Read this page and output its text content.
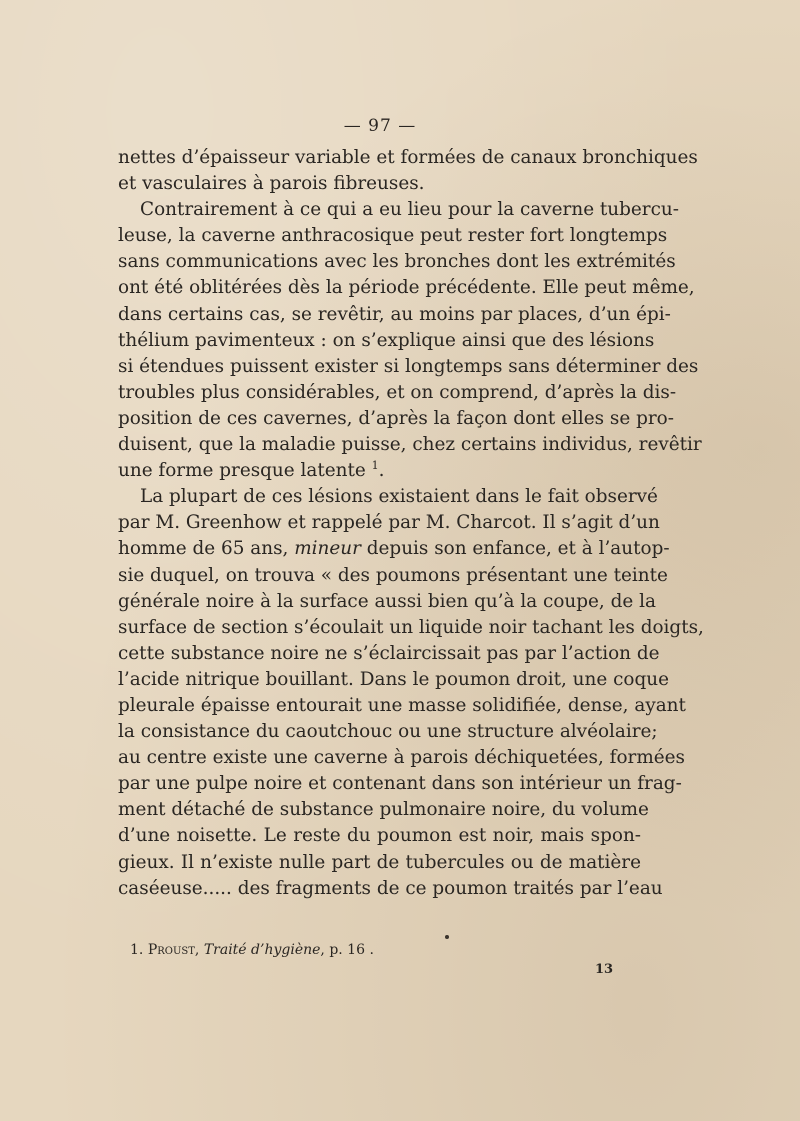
— 97 —
nettes d’épaisseur variable et formées de canaux bronchiques
et vasculaires à parois fibreuses.
Contrairement à ce qui a eu lieu pour la caverne tubercu-
leuse, la caverne anthracosique peut rester fort longtemps
sans communications avec les bronches dont les extrémités
ont été oblitérées dès la période précédente. Elle peut même,
dans certains cas, se revêtir, au moins par places, d’un épi-
thélium pavimenteux : on s’explique ainsi que des lésions
si étendues puissent exister si longtemps sans déterminer des
troubles plus considérables, et on comprend, d’après la dis-
position de ces cavernes, d’après la façon dont elles se pro-
duisent, que la maladie puisse, chez certains individus, revêtir
une forme presque latente $^1$.
La plupart de ces lésions existaient dans le fait observé
par M. Greenhow et rappelé par M. Charcot. Il s’agit d’un
homme de 65 ans, mineur depuis son enfance, et à l’autop-
sie duquel, on trouva « des poumons présentant une teinte
générale noire à la surface aussi bien qu’à la coupe, de la
surface de section s’écoulait un liquide noir tachant les doigts,
cette substance noire ne s’éclaircissait pas par l’action de
l’acide nitrique bouillant. Dans le poumon droit, une coque
pleurale épaisse entourait une masse solidifiée, dense, ayant
la consistance du caoutchouc ou une structure alvéolaire;
au centre existe une caverne à parois déchiquetées, formées
par une pulpe noire et contenant dans son intérieur un frag-
ment détaché de substance pulmonaire noire, du volume
d’une noisette. Le reste du poumon est noir, mais spon-
gieux. Il n’existe nulle part de tubercules ou de matière
caséeuse..... des fragments de ce poumon traités par l’eau
1. Proust, Traité d’hygiène, p. 16 .
13
